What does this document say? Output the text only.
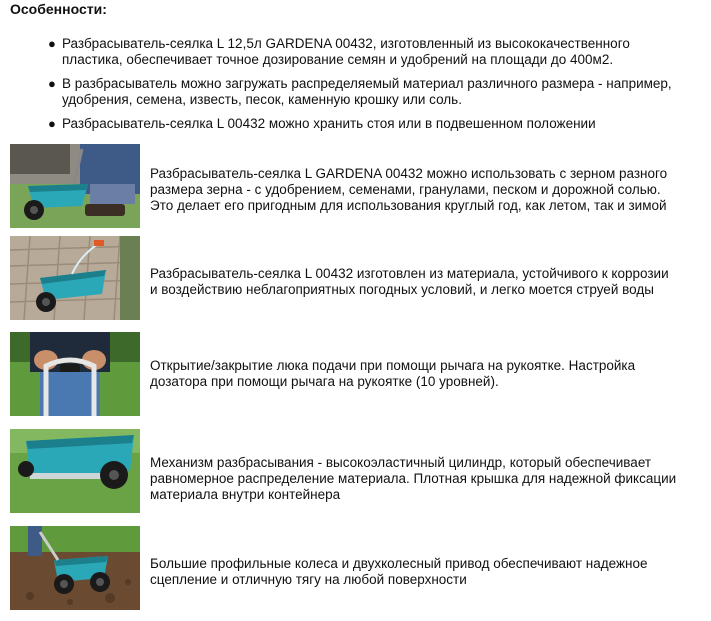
Особенности:
● Разбрасыватель-сеялка L 12,5л GARDENA 00432, изготовленный из высококачественного
пластика, обеспечивает точное дозирование семян и удобрений на площади до 400м2.
● В разбрасыватель можно загружать распределяемый материал различного размера - например,
удобрения, семена, известь, песок, каменную крошку или соль.
● Разбрасыватель-сеялка L 00432 можно хранить стоя или в подвешенном положении
Разбрасыватель-сеялка L GARDENA 00432 можно использовать с зерном разного
размера зерна - с удобрением, семенами, гранулами, песком и дорожной солью.
Это делает его пригодным для использования круглый год, как летом, так и зимой
Разбрасыватель-сеялка L 00432 изготовлен из материала, устойчивого к коррозии
и воздействию неблагоприятных погодных условий, и легко моется струей воды
Открытие/закрытие люка подачи при помощи рычага на рукоятке. Настройка
дозатора при помощи рычага на рукоятке (10 уровней).
Механизм разбрасывания - высокоэластичный цилиндр, который обеспечивает
равномерное распределение материала. Плотная крышка для надежной фиксации
материала внутри контейнера
Большие профильные колеса и двухколесный привод обеспечивают надежное
сцепление и отличную тягу на любой поверхности
